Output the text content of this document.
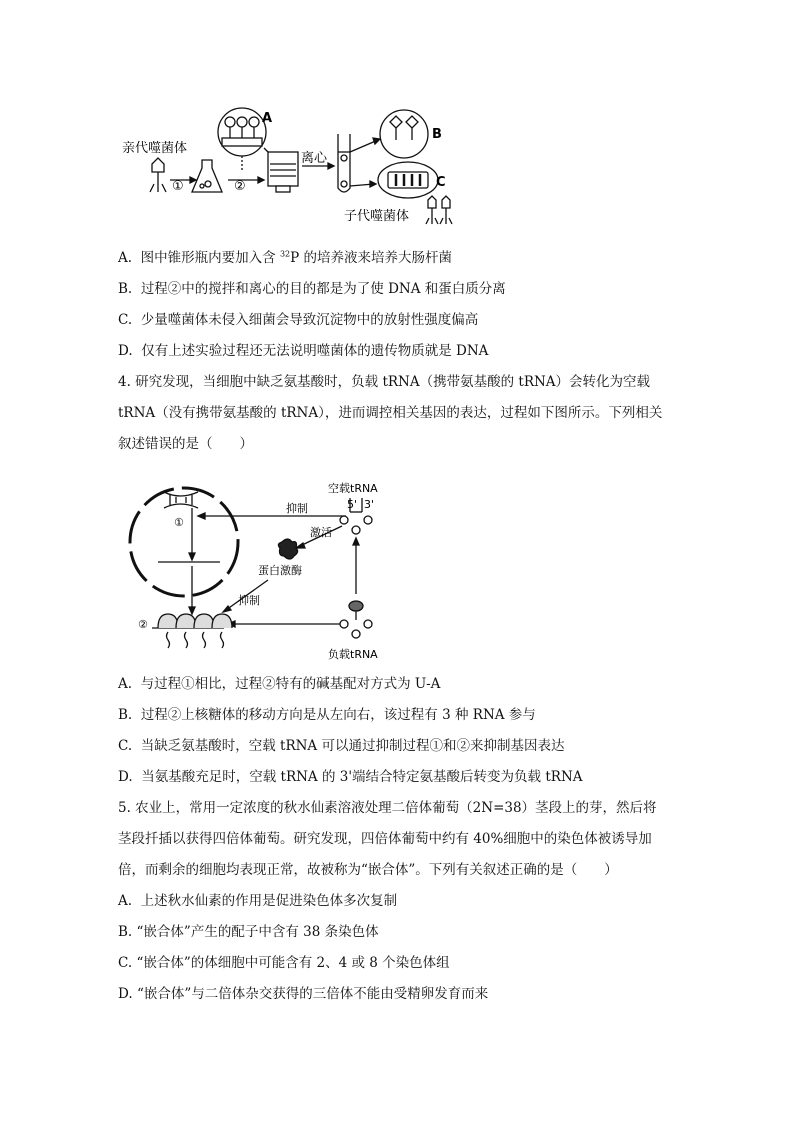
亲代噬菌体
①	②
A
离心
B
C
子代噬菌体
A. 图中锥形瓶内要加入含 $^{32}$P 的培养液来培养大肠杆菌
B. 过程②中的搅拌和离心的目的都是为了使 DNA 和蛋白质分离
C. 少量噬菌体未侵入细菌会导致沉淀物中的放射性强度偏高
D. 仅有上述实验过程还无法说明噬菌体的遗传物质就是 DNA
4. 研究发现，当细胞中缺乏氨基酸时，负载 tRNA（携带氨基酸的 tRNA）会转化为空载
tRNA（没有携带氨基酸的 tRNA），进而调控相关基因的表达，过程如下图所示。下列相关
叙述错误的是（　　）
空载tRNA
5' 3'
抑制
激活
蛋白激酶
抑制
负载tRNA
①
②
A. 与过程①相比，过程②特有的碱基配对方式为 U-A
B. 过程②上核糖体的移动方向是从左向右，该过程有 3 种 RNA 参与
C. 当缺乏氨基酸时，空载 tRNA 可以通过抑制过程①和②来抑制基因表达
D. 当氨基酸充足时，空载 tRNA 的 3'端结合特定氨基酸后转变为负载 tRNA
5. 农业上，常用一定浓度的秋水仙素溶液处理二倍体葡萄（2N=38）茎段上的芽，然后将
茎段扦插以获得四倍体葡萄。研究发现，四倍体葡萄中约有 40%细胞中的染色体被诱导加
倍，而剩余的细胞均表现正常，故被称为“嵌合体”。下列有关叙述正确的是（　　）
A. 上述秋水仙素的作用是促进染色体多次复制
B. “嵌合体”产生的配子中含有 38 条染色体
C. “嵌合体”的体细胞中可能含有 2、4 或 8 个染色体组
D. “嵌合体”与二倍体杂交获得的三倍体不能由受精卵发育而来
